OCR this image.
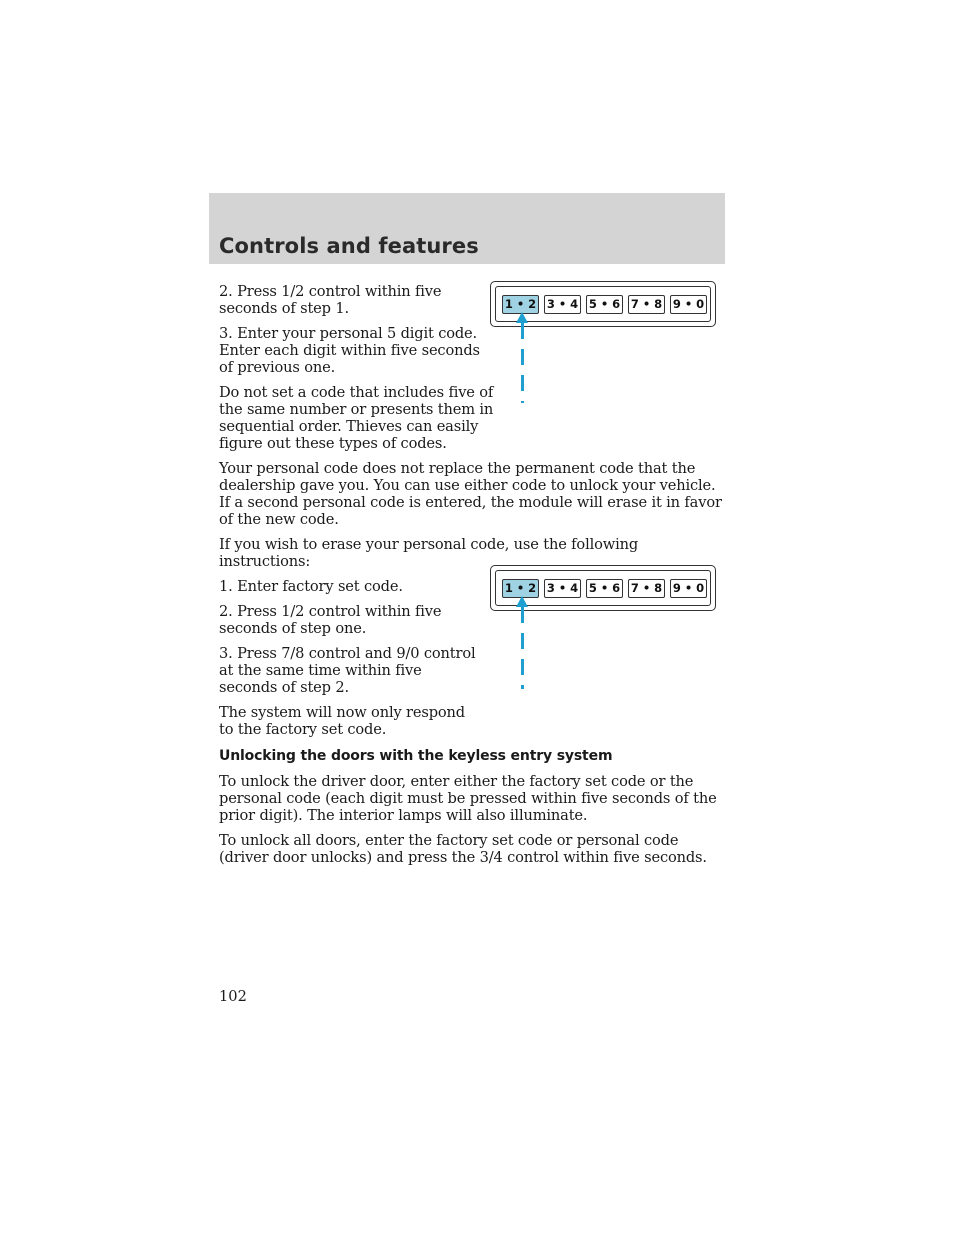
Controls and features
1 • 2 3 • 4 5 • 6 7 • 8 9 • 0
1 • 2 3 • 4 5 • 6 7 • 8 9 • 0

2. Press 1/2 control within five seconds of step 1.

3. Enter your personal 5 digit code. Enter each digit within five seconds of previous one.

Do not set a code that includes five of the same number or presents them in sequential order. Thieves can easily figure out these types of codes.

Your personal code does not replace the permanent code that the dealership gave you. You can use either code to unlock your vehicle. If a second personal code is entered, the module will erase it in favor of the new code.

If you wish to erase your personal code, use the following instructions:

1. Enter factory set code.

2. Press 1/2 control within five seconds of step one.

3. Press 7/8 control and 9/0 control at the same time within five seconds of step 2.

The system will now only respond to the factory set code.

Unlocking the doors with the keyless entry system

To unlock the driver door, enter either the factory set code or the personal code (each digit must be pressed within five seconds of the prior digit). The interior lamps will also illuminate.

To unlock all doors, enter the factory set code or personal code (driver door unlocks) and press the 3/4 control within five seconds.

102
